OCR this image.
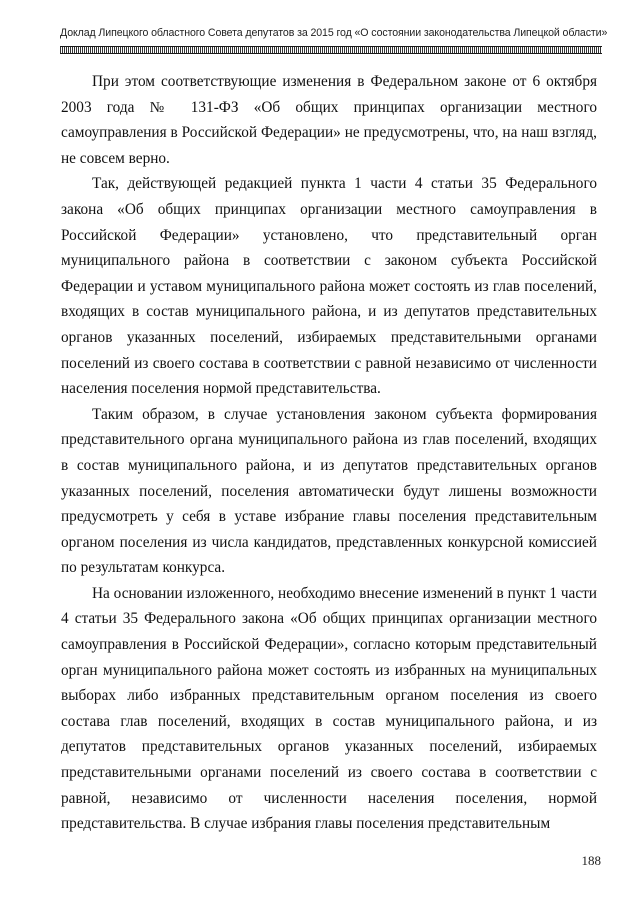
Доклад Липецкого областного Совета депутатов за 2015 год «О состоянии законодательства Липецкой области»

При этом соответствующие изменения в Федеральном законе от 6 октября 2003 года № 131-ФЗ «Об общих принципах организации местного самоуправления в Российской Федерации» не предусмотрены, что, на наш взгляд, не совсем верно.

Так, действующей редакцией пункта 1 части 4 статьи 35 Федерального закона «Об общих принципах организации местного самоуправления в Российской Федерации» установлено, что представительный орган муниципального района в соответствии с законом субъекта Российской Федерации и уставом муниципального района может состоять из глав поселений, входящих в состав муниципального района, и из депутатов представительных органов указанных поселений, избираемых представительными органами поселений из своего состава в соответствии с равной независимо от численности населения поселения нормой представительства.

Таким образом, в случае установления законом субъекта формирования представительного органа муниципального района из глав поселений, входящих в состав муниципального района, и из депутатов представительных органов указанных поселений, поселения автоматически будут лишены возможности предусмотреть у себя в уставе избрание главы поселения представительным органом поселения из числа кандидатов, представленных конкурсной комиссией по результатам конкурса.

На основании изложенного, необходимо внесение изменений в пункт 1 части 4 статьи 35 Федерального закона «Об общих принципах организации местного самоуправления в Российской Федерации», согласно которым представительный орган муниципального района может состоять из избранных на муниципальных выборах либо избранных представительным органом поселения из своего состава глав поселений, входящих в состав муниципального района, и из депутатов представительных органов указанных поселений, избираемых представительными органами поселений из своего состава в соответствии с равной, независимо от численности населения поселения, нормой представительства. В случае избрания главы поселения представительным

188
